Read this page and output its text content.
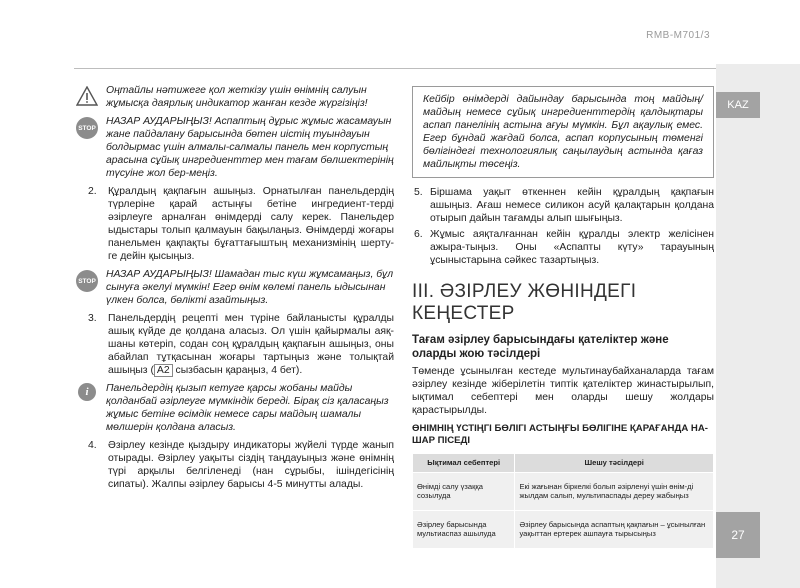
RMB-M701/3
KAZ
27
Оңтайлы нәтижеге қол жеткізу үшін өнімнің салуын жұмысқа даярлық индикатор жанған кезде жүргізіңіз!
STOP
НАЗАР АУДАРЫҢЫЗ! Аспаптың дұрыс жұмыс жасамауын жане пайдалану барысында бөтен иістің туындауын болдырмас үшін алмалы-салмалы панель мен корпустың арасына сұйық ингредиенттер мен тағам бөлшектерінің түсуіне жол бер-меңіз.
2. Құралдың қақпағын ашыңыз. Орнатылған панельдердің түрлеріне қарай астыңғы бетіне ингредиент-терді әзірлеуге арналған өнімдерді салу керек. Панельдер ыдыстары толып қалмауын бақылаңыз. Өнімдерді жоғары панельмен қақпақты бұғаттағыштың механизмінің шерту-ге дейін қысыңыз.
STOP
НАЗАР АУДАРЫҢЫЗ! Шамадан тыс күш жұмсамаңыз, бұл сынуға әкелуі мүмкін! Егер өнім көлемі панель ыдысынан үлкен болса, бөлікті азайтыңыз.
3. Панельдердің рецепті мен түріне байланысты құралды ашық күйде де қолдана аласыз. Ол үшін қайырмалы аяқ-шаны көтеріп, содан соң құралдың қақпағын ашыңыз, оны абайлап тұтқасынан жоғары тартыңыз және толықтай ашыңыз ( A2 сызбасын қараңыз, 4 бет).
i	Панельдердің қызып кетуге қарсы жобаны майды қолданбай әзірлеуге мүмкіндік береді. Бірақ сіз қаласаңыз жұмыс бетіне өсімдік немесе сары майдың шамалы мөлшерін қолдана аласыз.
4. Әзірлеу кезінде қыздыру индикаторы жүйелі түрде жанып отырады. Әзірлеу уақыты сіздің таңдауыңыз және өнімнің түрі арқылы белгіленеді (нан сұрыбы, ішіндегісінің сипаты). Жалпы әзірлеу барысы 4-5 минутты алады.
Кейбір өнімдерді дайындау барысында тоң майдың/майдың немесе сұйық ингредиенттердің қалдықтары аспап панелінің астына ағуы мүмкін. Бұл ақаулық емес. Егер бұндай жағдай болса, аспап корпусының төменгі бөлігіндегі технологиялық саңылаудың астында қағаз майлықты төсеңіз.
5. Біршама уақыт өткеннен кейін құралдың қақпағын ашыңыз. Ағаш немесе силикон асуй қалақтарын қолдана отырып дайын тағамды алып шығыңыз.
6. Жұмыс аяқталғаннан кейін құралды электр желісінен ажыра-тыңыз. Оны «Аспапты күту» тарауының ұсыныстарына сәйкес тазартыңыз.
III. ӘЗІРЛЕУ ЖӨНІНДЕГІ КЕҢЕСТЕР
Тағам әзірлеу барысындағы қателіктер және оларды жою тәсілдері
Төменде ұсынылған кестеде мультинауб​айханаларда тағам әзірлеу кезінде жіберілетін типтік қателіктер жинастырылып, ықтимал себептері мен оларды шешу жолдары қарастырылды.
ӨНІМНІҢ ҮСТІҢГІ БӨЛІГІ АСТЫҢҒЫ БӨЛІГІНЕ ҚАРАҒАНДА НА-ШАР ПІСЕДІ
Ықтимал себептері	Шешу тәсілдері
Өнімді салу үзаққа созылуда	Екі жағынан біркелкі болып әзірленуі үшін өнім-ді жылдам салып, мультипаспады дереу жабыңыз
Әзірлеу барысында мультиаспаз ашылуда	Әзірлеу барысында аспаптың қақпағын – ұсынылған уақыттан ертерек ашпауға тырысыңыз
